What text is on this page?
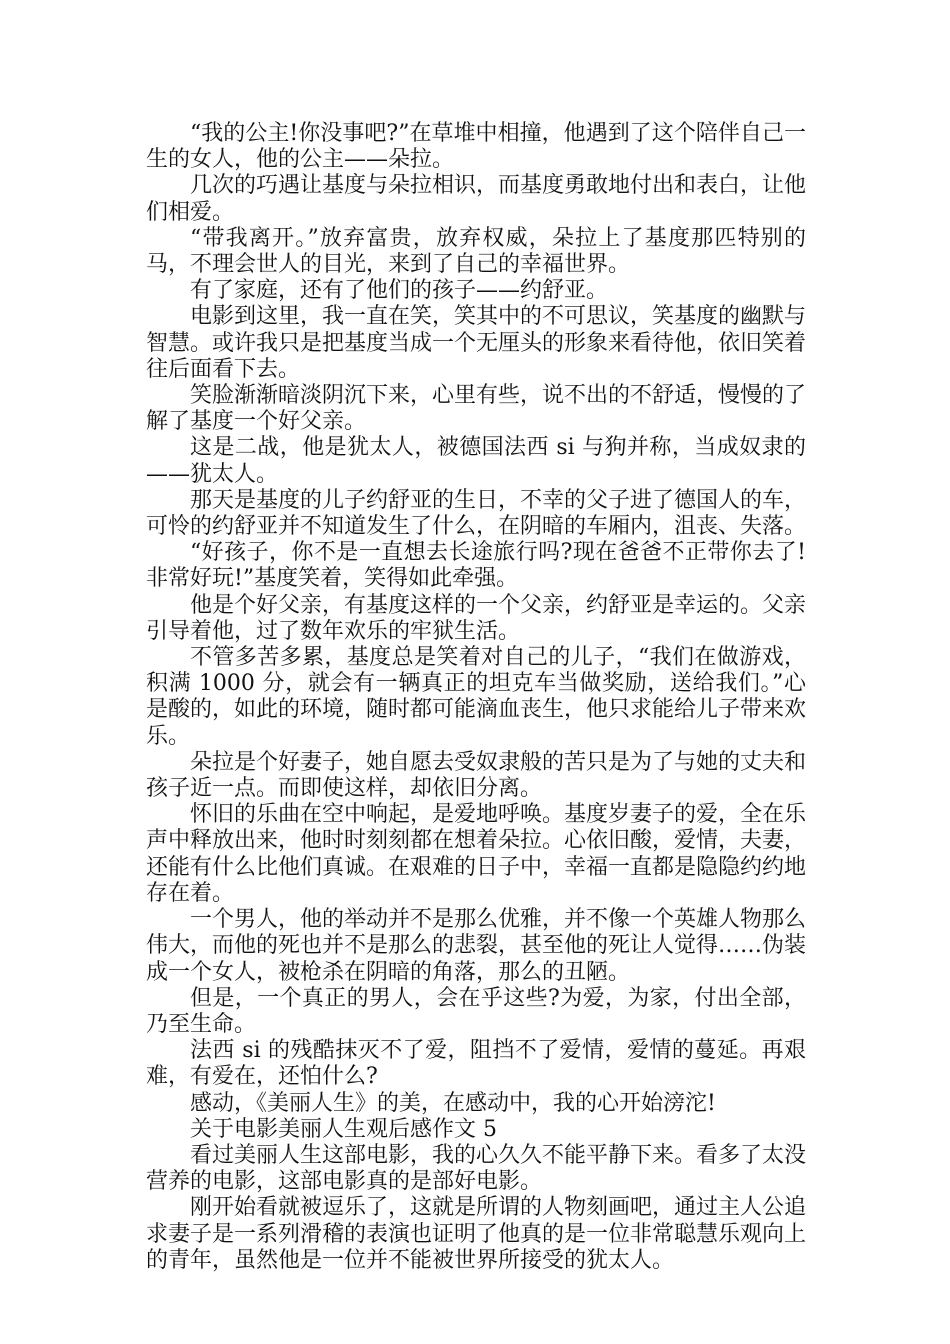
“我的公主!你没事吧?”在草堆中相撞，他遇到了这个陪伴自己一生的女人，他的公主——朵拉。

几次的巧遇让基度与朵拉相识，而基度勇敢地付出和表白，让他们相爱。

“带我离开。”放弃富贵，放弃权威，朵拉上了基度那匹特别的马，不理会世人的目光，来到了自己的幸福世界。

有了家庭，还有了他们的孩子——约舒亚。

电影到这里，我一直在笑，笑其中的不可思议，笑基度的幽默与智慧。或许我只是把基度当成一个无厘头的形象来看待他，依旧笑着往后面看下去。

笑脸渐渐暗淡阴沉下来，心里有些，说不出的不舒适，慢慢的了解了基度一个好父亲。

这是二战，他是犹太人，被德国法西 si 与狗并称，当成奴隶的——犹太人。

那天是基度的儿子约舒亚的生日，不幸的父子进了德国人的车，可怜的约舒亚并不知道发生了什么，在阴暗的车厢内，沮丧、失落。

“好孩子，你不是一直想去长途旅行吗?现在爸爸不正带你去了!非常好玩!”基度笑着，笑得如此牵强。

他是个好父亲，有基度这样的一个父亲，约舒亚是幸运的。父亲引导着他，过了数年欢乐的牢狱生活。

不管多苦多累，基度总是笑着对自己的儿子，“我们在做游戏，积满 1000 分，就会有一辆真正的坦克车当做奖励，送给我们。”心是酸的，如此的环境，随时都可能滴血丧生，他只求能给儿子带来欢乐。

朵拉是个好妻子，她自愿去受奴隶般的苦只是为了与她的丈夫和孩子近一点。而即使这样，却依旧分离。

怀旧的乐曲在空中响起，是爱地呼唤。基度岁妻子的爱，全在乐声中释放出来，他时时刻刻都在想着朵拉。心依旧酸，爱情，夫妻，还能有什么比他们真诚。在艰难的日子中，幸福一直都是隐隐约约地存在着。

一个男人，他的举动并不是那么优雅，并不像一个英雄人物那么伟大，而他的死也并不是那么的悲裂，甚至他的死让人觉得……伪装成一个女人，被枪杀在阴暗的角落，那么的丑陋。

但是，一个真正的男人，会在乎这些?为爱，为家，付出全部，乃至生命。

法西 si 的残酷抹灭不了爱，阻挡不了爱情，爱情的蔓延。再艰难，有爱在，还怕什么?

感动，《美丽人生》的美，在感动中，我的心开始滂沱!

关于电影美丽人生观后感作文 5

看过美丽人生这部电影，我的心久久不能平静下来。看多了太没营养的电影，这部电影真的是部好电影。

刚开始看就被逗乐了，这就是所谓的人物刻画吧，通过主人公追求妻子是一系列滑稽的表演也证明了他真的是一位非常聪慧乐观向上的青年，虽然他是一位并不能被世界所接受的犹太人。
